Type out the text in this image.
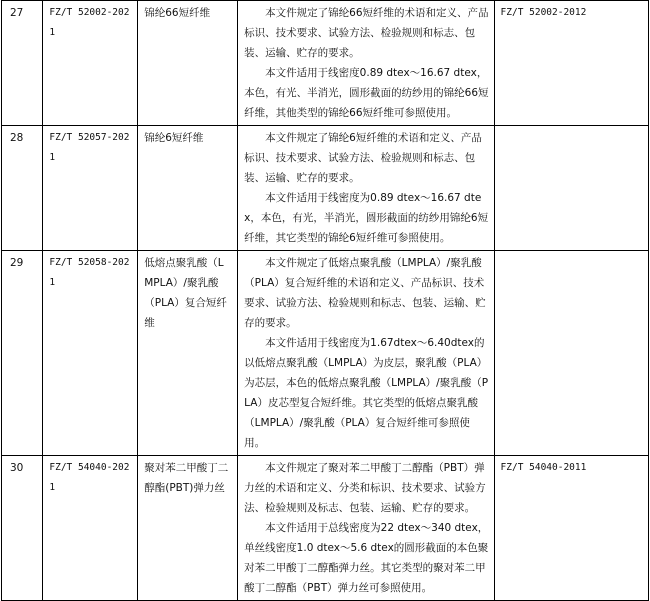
27	FZ/T 52002-2021	锦纶66短纤维	本文件规定了锦纶66短纤维的术语和定义、产品标识、技术要求、试验方法、检验规则和标志、包装、运输、贮存的要求。

本文件适用于线密度0.89 dtex～16.67 dtex，本色，有光、半消光，圆形截面的纺纱用的锦纶66短纤维，其他类型的锦纶66短纤维可参照使用。	FZ/T 52002-2012
28	FZ/T 52057-2021	锦纶6短纤维	本文件规定了锦纶6短纤维的术语和定义、产品标识、技术要求、试验方法、检验规则和标志、包装、运输、贮存的要求。

本文件适用于线密度为0.89 dtex～16.67 dtex，本色，有光，半消光，圆形截面的纺纱用锦纶6短纤维，其它类型的锦纶6短纤维可参照使用。	

29	FZ/T 52058-2021	低熔点聚乳酸（LMPLA）/聚乳酸（PLA）复合短纤维	本文件规定了低熔点聚乳酸（LMPLA）/聚乳酸（PLA）复合短纤维的术语和定义、产品标识、技术要求、试验方法、检验规则和标志、包装、运输、贮存的要求。

本文件适用于线密度为1.67dtex～6.40dtex的以低熔点聚乳酸（LMPLA）为皮层，聚乳酸（PLA）为芯层，本色的低熔点聚乳酸（LMPLA）/聚乳酸（PLA）皮芯型复合短纤维。其它类型的低熔点聚乳酸（LMPLA）/聚乳酸（PLA）复合短纤维可参照使用。	

30	FZ/T 54040-2021	聚对苯二甲酸丁二醇酯(PBT)弹力丝	本文件规定了聚对苯二甲酸丁二醇酯（PBT）弹力丝的术语和定义、分类和标识、技术要求、试验方法、检验规则及标志、包装、运输、贮存的要求。

本文件适用于总线密度为22 dtex～340 dtex，单丝线密度1.0 dtex～5.6 dtex的圆形截面的本色聚对苯二甲酸丁二醇酯弹力丝。其它类型的聚对苯二甲酸丁二醇酯（PBT）弹力丝可参照使用。	FZ/T 54040-2011
